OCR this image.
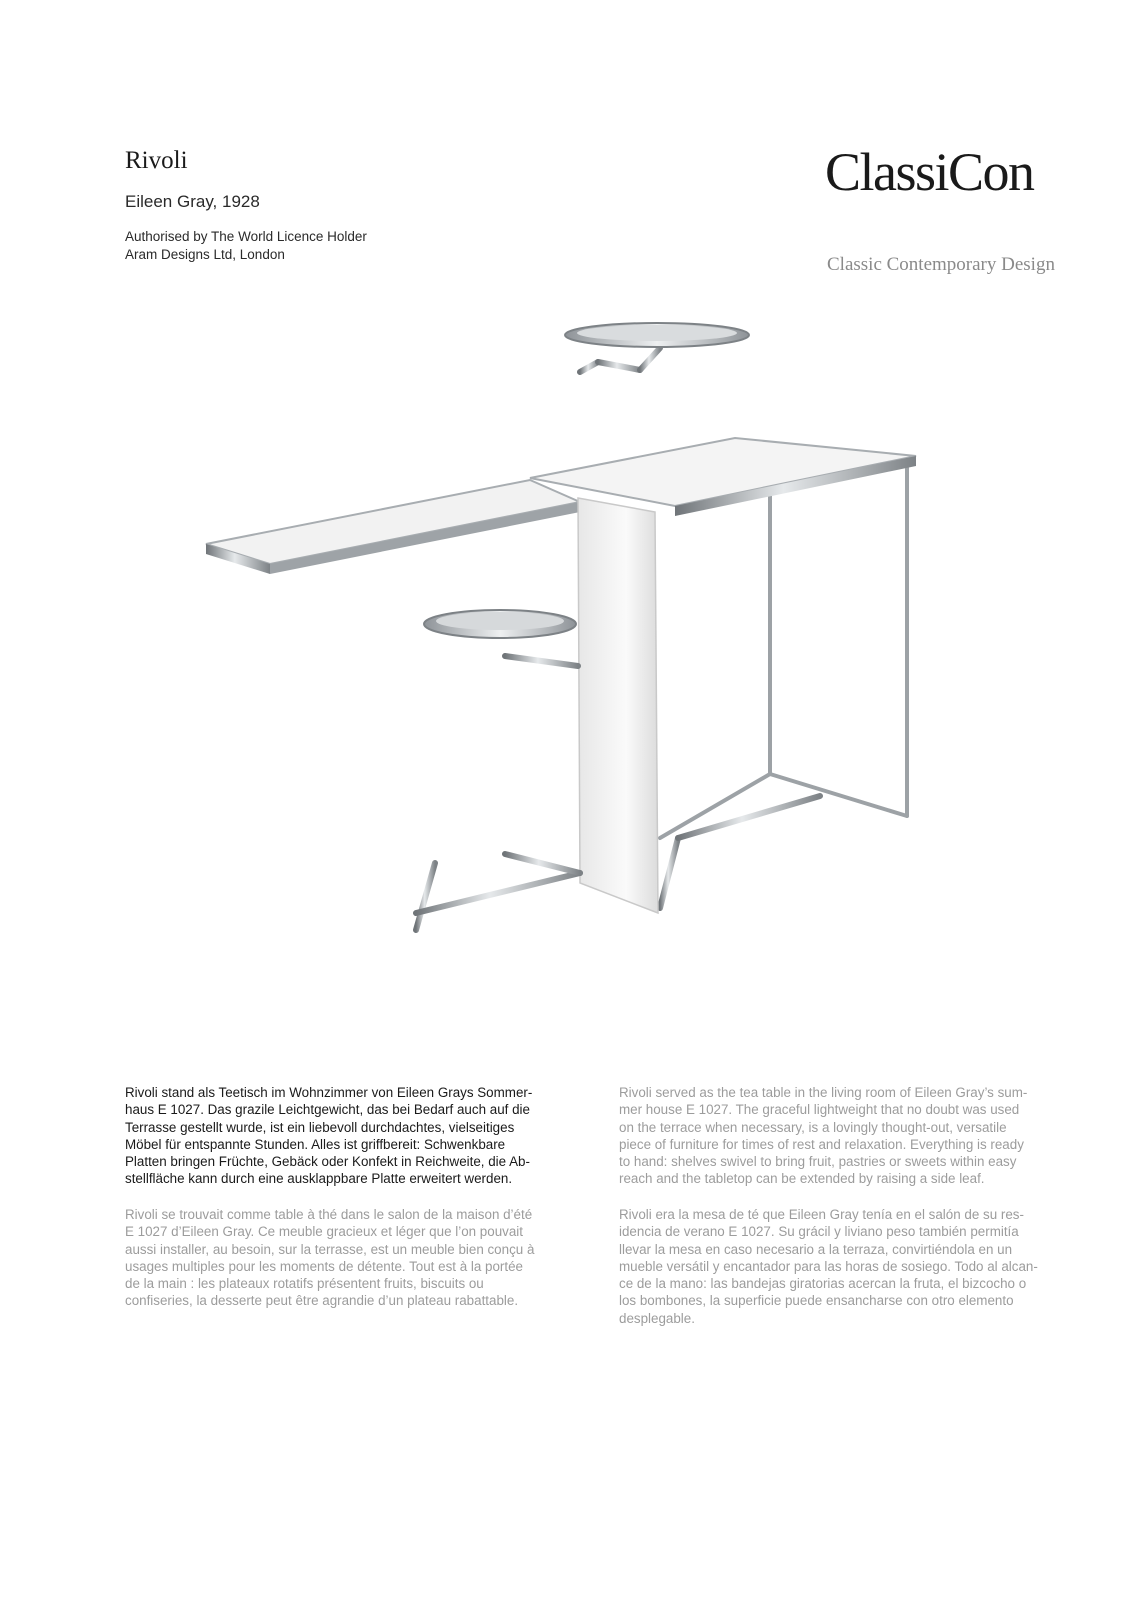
Rivoli
Eileen Gray, 1928
Authorised by The World Licence Holder
Aram Designs Ltd, London
ClassiCon
Classic Contemporary Design
Rivoli stand als Teetisch im Wohnzimmer von Eileen Grays Sommer-
haus E 1027. Das grazile Leichtgewicht, das bei Bedarf auch auf die
Terrasse gestellt wurde, ist ein liebevoll durchdachtes, vielseitiges
Möbel für entspannte Stunden. Alles ist griffbereit: Schwenkbare
Platten bringen Früchte, Gebäck oder Konfekt in Reichweite, die Ab-
stellfläche kann durch eine ausklappbare Platte erweitert werden.
Rivoli se trouvait comme table à thé dans le salon de la maison d’été
E 1027 d’Eileen Gray. Ce meuble gracieux et léger que l’on pouvait
aussi installer, au besoin, sur la terrasse, est un meuble bien conçu à
usages multiples pour les moments de détente. Tout est à la portée
de la main : les plateaux rotatifs présentent fruits, biscuits ou
confiseries, la desserte peut être agrandie d’un plateau rabattable.
Rivoli served as the tea table in the living room of Eileen Gray’s sum-
mer house E 1027. The graceful lightweight that no doubt was used
on the terrace when necessary, is a lovingly thought-out, versatile
piece of furniture for times of rest and relaxation. Everything is ready
to hand: shelves swivel to bring fruit, pastries or sweets within easy
reach and the tabletop can be extended by raising a side leaf.
Rivoli era la mesa de té que Eileen Gray tenía en el salón de su res-
idencia de verano E 1027. Su grácil y liviano peso también permitía
llevar la mesa en caso necesario a la terraza, convirtiéndola en un
mueble versátil y encantador para las horas de sosiego. Todo al alcan-
ce de la mano: las bandejas giratorias acercan la fruta, el bizcocho o
los bombones, la superficie puede ensancharse con otro elemento
desplegable.
